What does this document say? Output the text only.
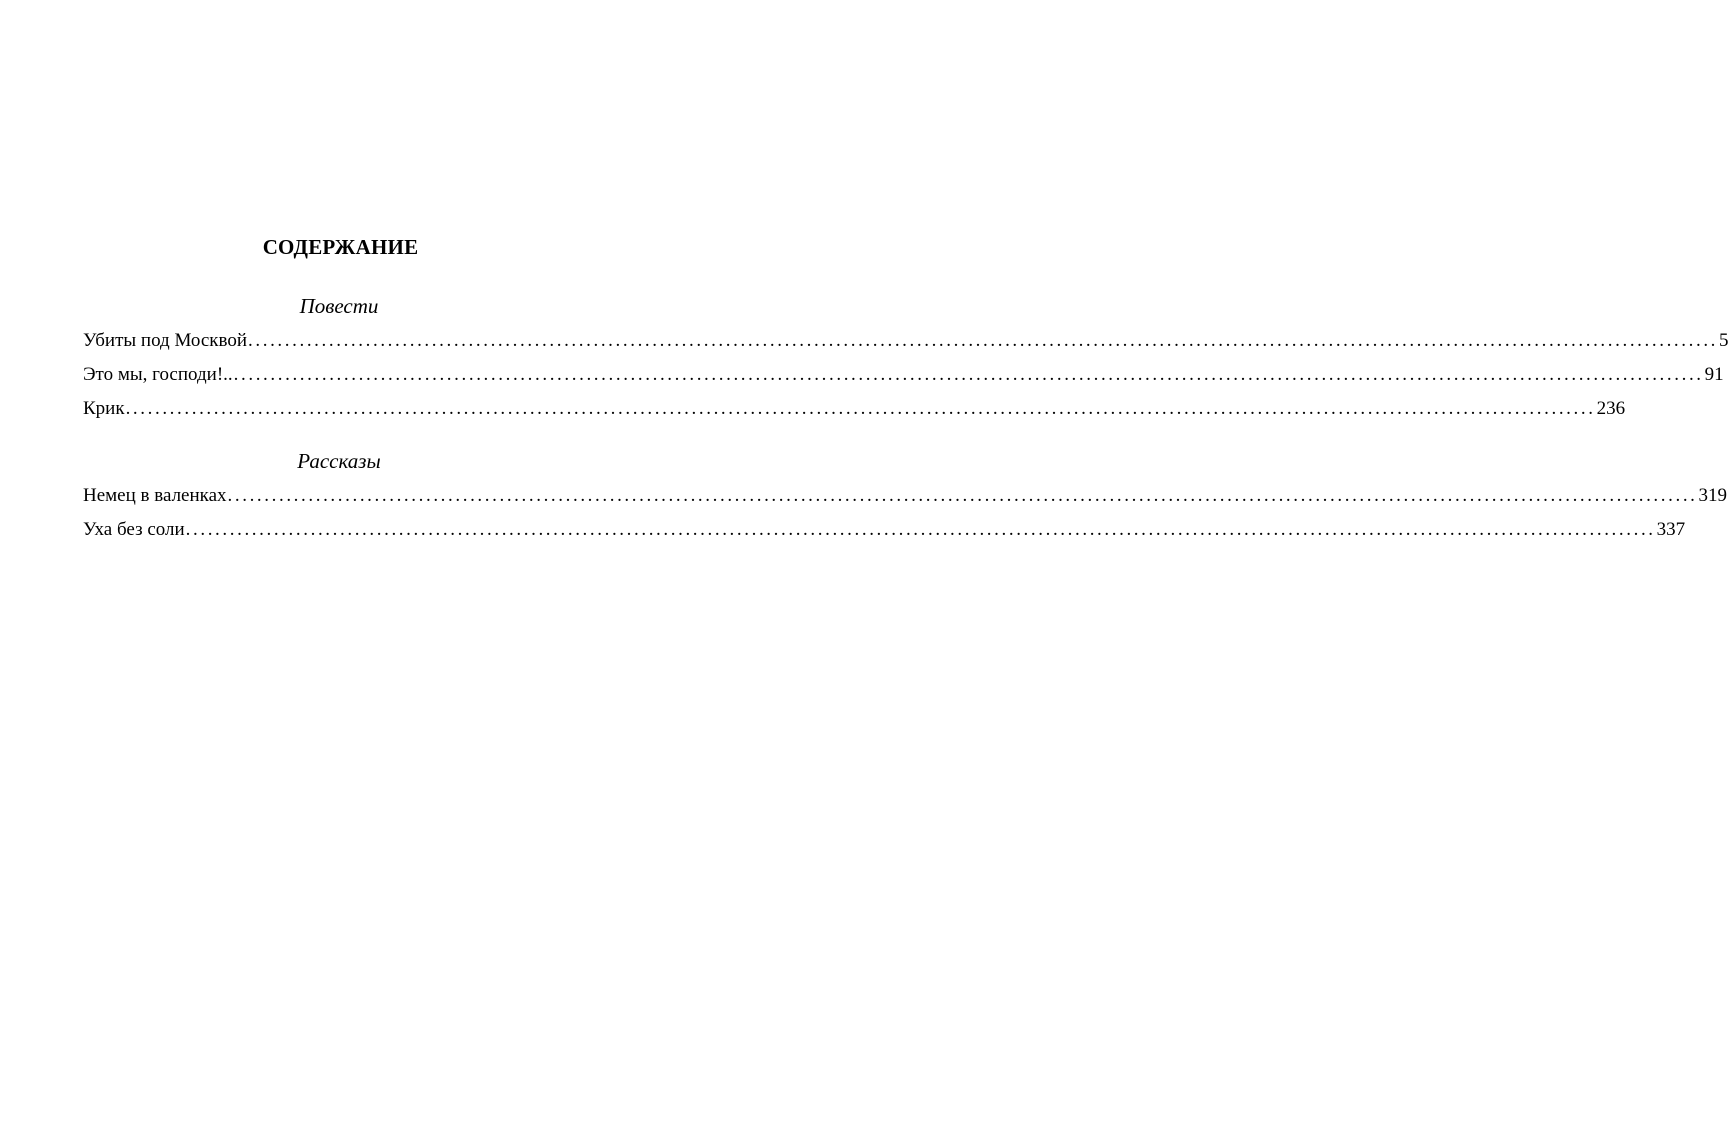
СОДЕРЖАНИЕ
Повести
Убиты под Москвой ........................................................................................................................................................................................................ 5
Это мы, господи!.. ........................................................................................................................................................................................................ 91
Крик ........................................................................................................................................................................................................ 236
Рассказы
Немец в валенках ........................................................................................................................................................................................................ 319
Уха без соли ........................................................................................................................................................................................................ 337
